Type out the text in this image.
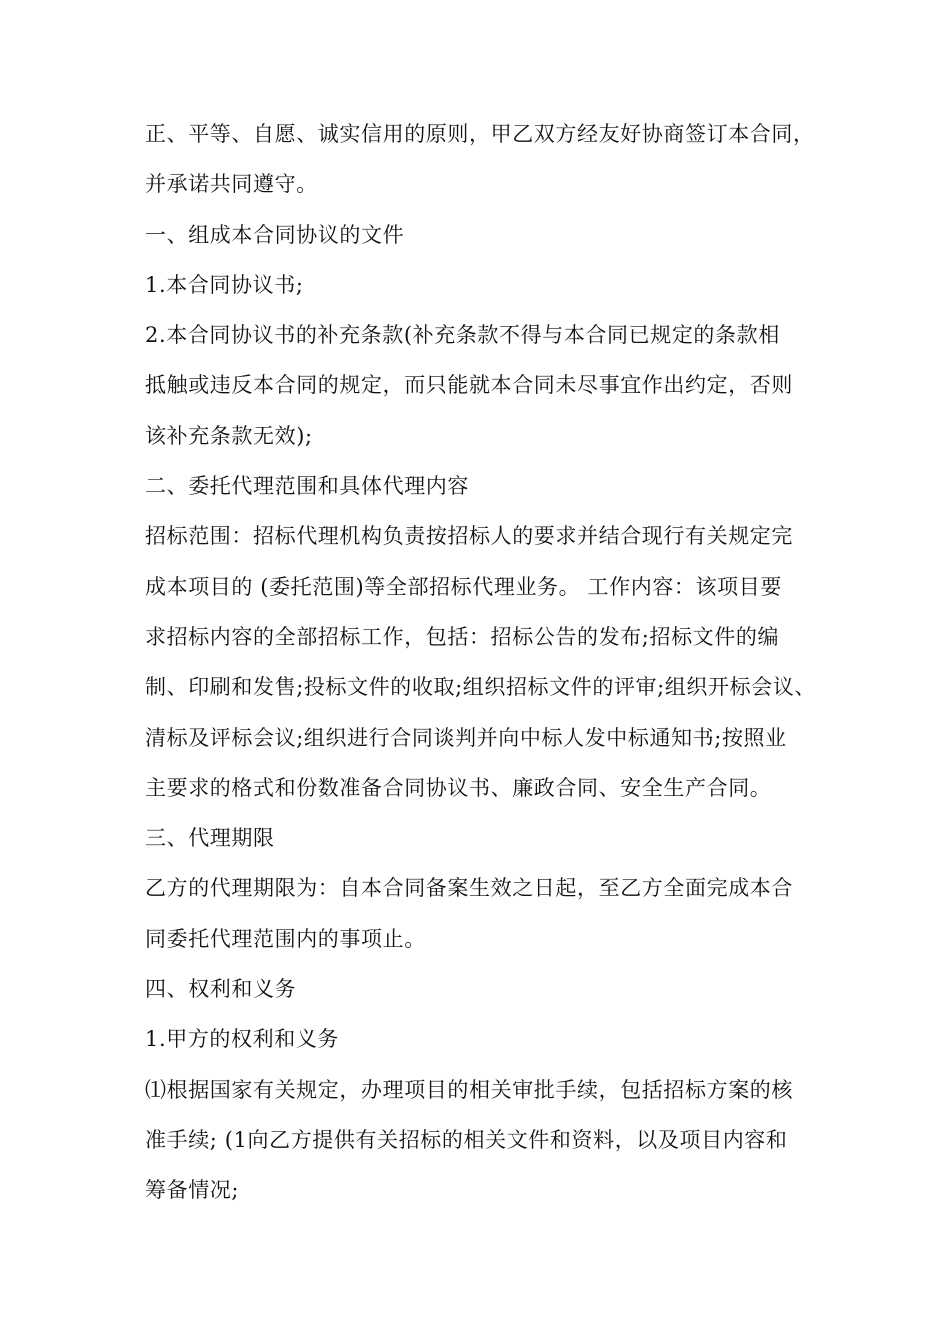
正、平等、自愿、诚实信用的原则，甲乙双方经友好协商签订本合同，
并承诺共同遵守。
一、组成本合同协议的文件
1.本合同协议书;
2.本合同协议书的补充条款(补充条款不得与本合同已规定的条款相
抵触或违反本合同的规定，而只能就本合同未尽事宜作出约定，否则
该补充条款无效);
二、委托代理范围和具体代理内容
招标范围：招标代理机构负责按招标人的要求并结合现行有关规定完
成本项目的 (委托范围)等全部招标代理业务。 工作内容：该项目要
求招标内容的全部招标工作，包括：招标公告的发布;招标文件的编
制、印刷和发售;投标文件的收取;组织招标文件的评审;组织开标会议、
清标及评标会议;组织进行合同谈判并向中标人发中标通知书;按照业
主要求的格式和份数准备合同协议书、廉政合同、安全生产合同。
三、代理期限
乙方的代理期限为：自本合同备案生效之日起，至乙方全面完成本合
同委托代理范围内的事项止。
四、权利和义务
1.甲方的权利和义务
⑴根据国家有关规定，办理项目的相关审批手续，包括招标方案的核
准手续; (1向乙方提供有关招标的相关文件和资料，以及项目内容和
筹备情况;
